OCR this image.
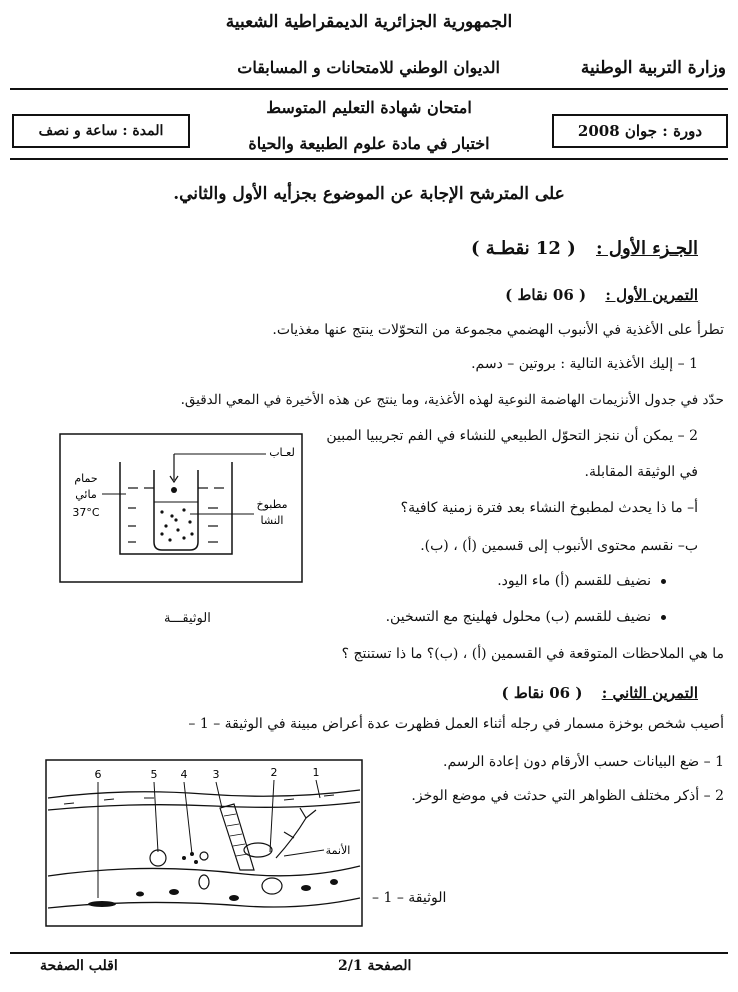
الجمهورية الجزائرية الديمقراطية الشعبية
وزارة التربية الوطنية
الديوان الوطني للامتحانات و المسابقات
امتحان شهادة التعليم المتوسط
اختبار في مادة علوم الطبيعة والحياة
دورة : جوان 2008
المدة : ساعة و نصف
على المترشح الإجابة عن الموضوع بجزأيه الأول والثاني.
الجـزء الأول : ( 12 نقطـة )
التمرين الأول : ( 06 نقاط )
تطرأ على الأغذية في الأنبوب الهضمي مجموعة من التحوّلات ينتج عنها مغذيات.
1 – إليك الأغذية التالية : بروتين – دسم.
حدّد في جدول الأنزيمات الهاضمة النوعية لهذه الأغذية، وما ينتج عن هذه الأخيرة في المعي الدقيق.
2 – يمكن أن ننجز التحوّل الطبيعي للنشاء في الفم تجريبيا المبين
في الوثيقة المقابلة.
أ– ما ذا يحدث لمطبوخ النشاء بعد فترة زمنية كافية؟
ب– نقسم محتوى الأنبوب إلى قسمين (أ) ، (ب).
نضيف للقسم (أ) ماء اليود.
نضيف للقسم (ب) محلول فهلينج مع التسخين.
الوثيقـــة
ما هي الملاحظات المتوقعة في القسمين (أ) ، (ب)؟ ما ذا تستنتج ؟
لعـاب
حمام
مائي
37°C
مطبوخ
النشا
التمرين الثاني : ( 06 نقاط )
أصيب شخص بوخزة مسمار في رجله أثناء العمل فظهرت عدة أعراض مبينة في الوثيقة – 1 –
1 – ضع البيانات حسب الأرقام دون إعادة الرسم.
2 – أذكر مختلف الظواهر التي حدثت في موضع الوخز.
الوثيقة – 1 –
الأنمة
6	5 4 3	2	1
الصفحة 2/1
اقلب الصفحة
